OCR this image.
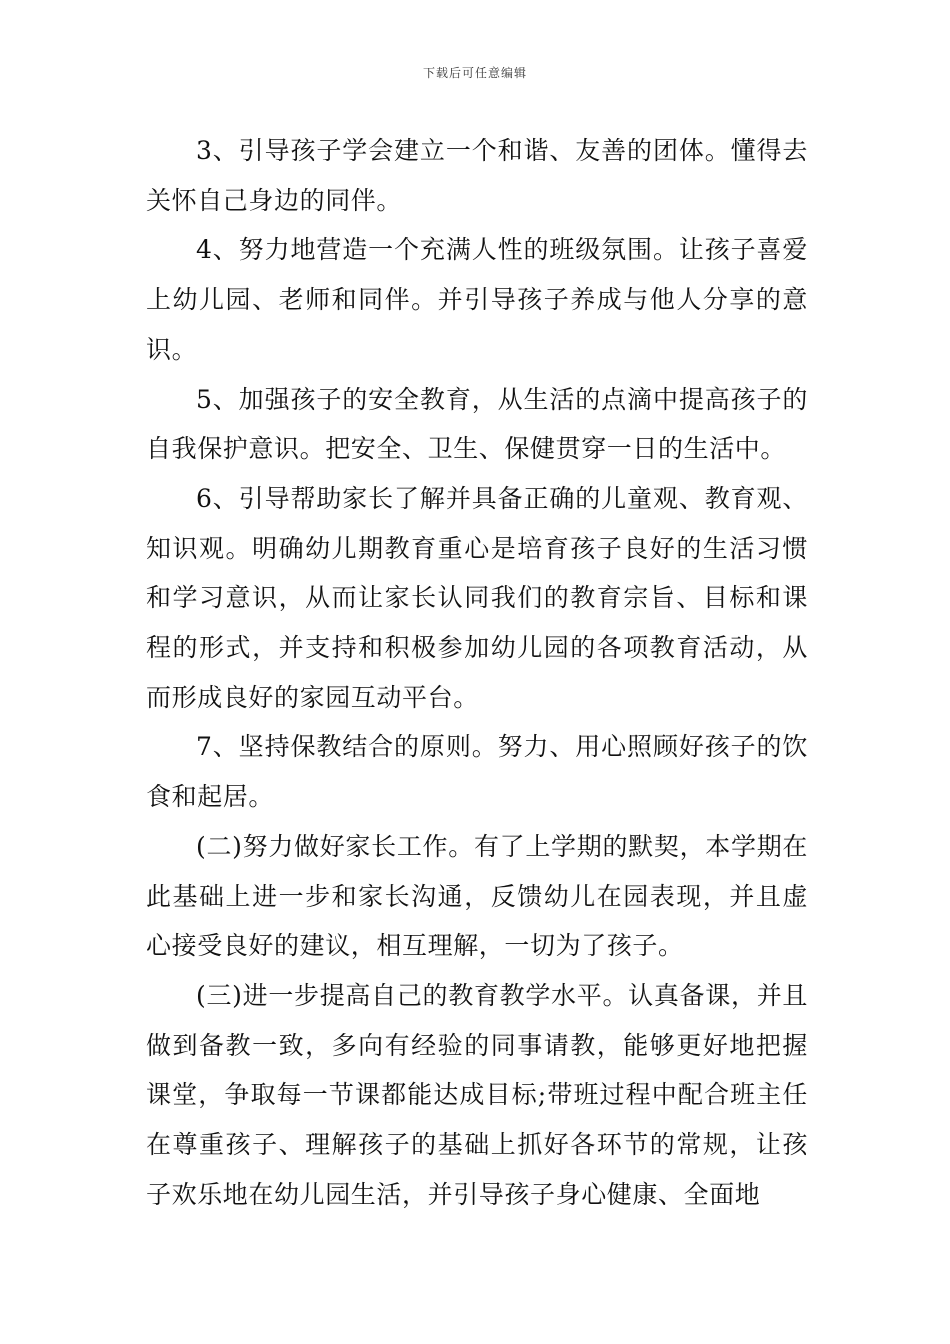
下载后可任意编辑

3、引导孩子学会建立一个和谐、友善的团体。懂得去关怀自己身边的同伴。

4、努力地营造一个充满人性的班级氛围。让孩子喜爱上幼儿园、老师和同伴。并引导孩子养成与他人分享的意识。

5、加强孩子的安全教育，从生活的点滴中提高孩子的自我保护意识。把安全、卫生、保健贯穿一日的生活中。

6、引导帮助家长了解并具备正确的儿童观、教育观、知识观。明确幼儿期教育重心是培育孩子良好的生活习惯和学习意识，从而让家长认同我们的教育宗旨、目标和课程的形式，并支持和积极参加幼儿园的各项教育活动，从而形成良好的家园互动平台。

7、坚持保教结合的原则。努力、用心照顾好孩子的饮食和起居。

(二)努力做好家长工作。有了上学期的默契，本学期在此基础上进一步和家长沟通，反馈幼儿在园表现，并且虚心接受良好的建议，相互理解，一切为了孩子。

(三)进一步提高自己的教育教学水平。认真备课，并且做到备教一致，多向有经验的同事请教，能够更好地把握课堂，争取每一节课都能达成目标;带班过程中配合班主任在尊重孩子、理解孩子的基础上抓好各环节的常规，让孩子欢乐地在幼儿园生活，并引导孩子身心健康、全面地
